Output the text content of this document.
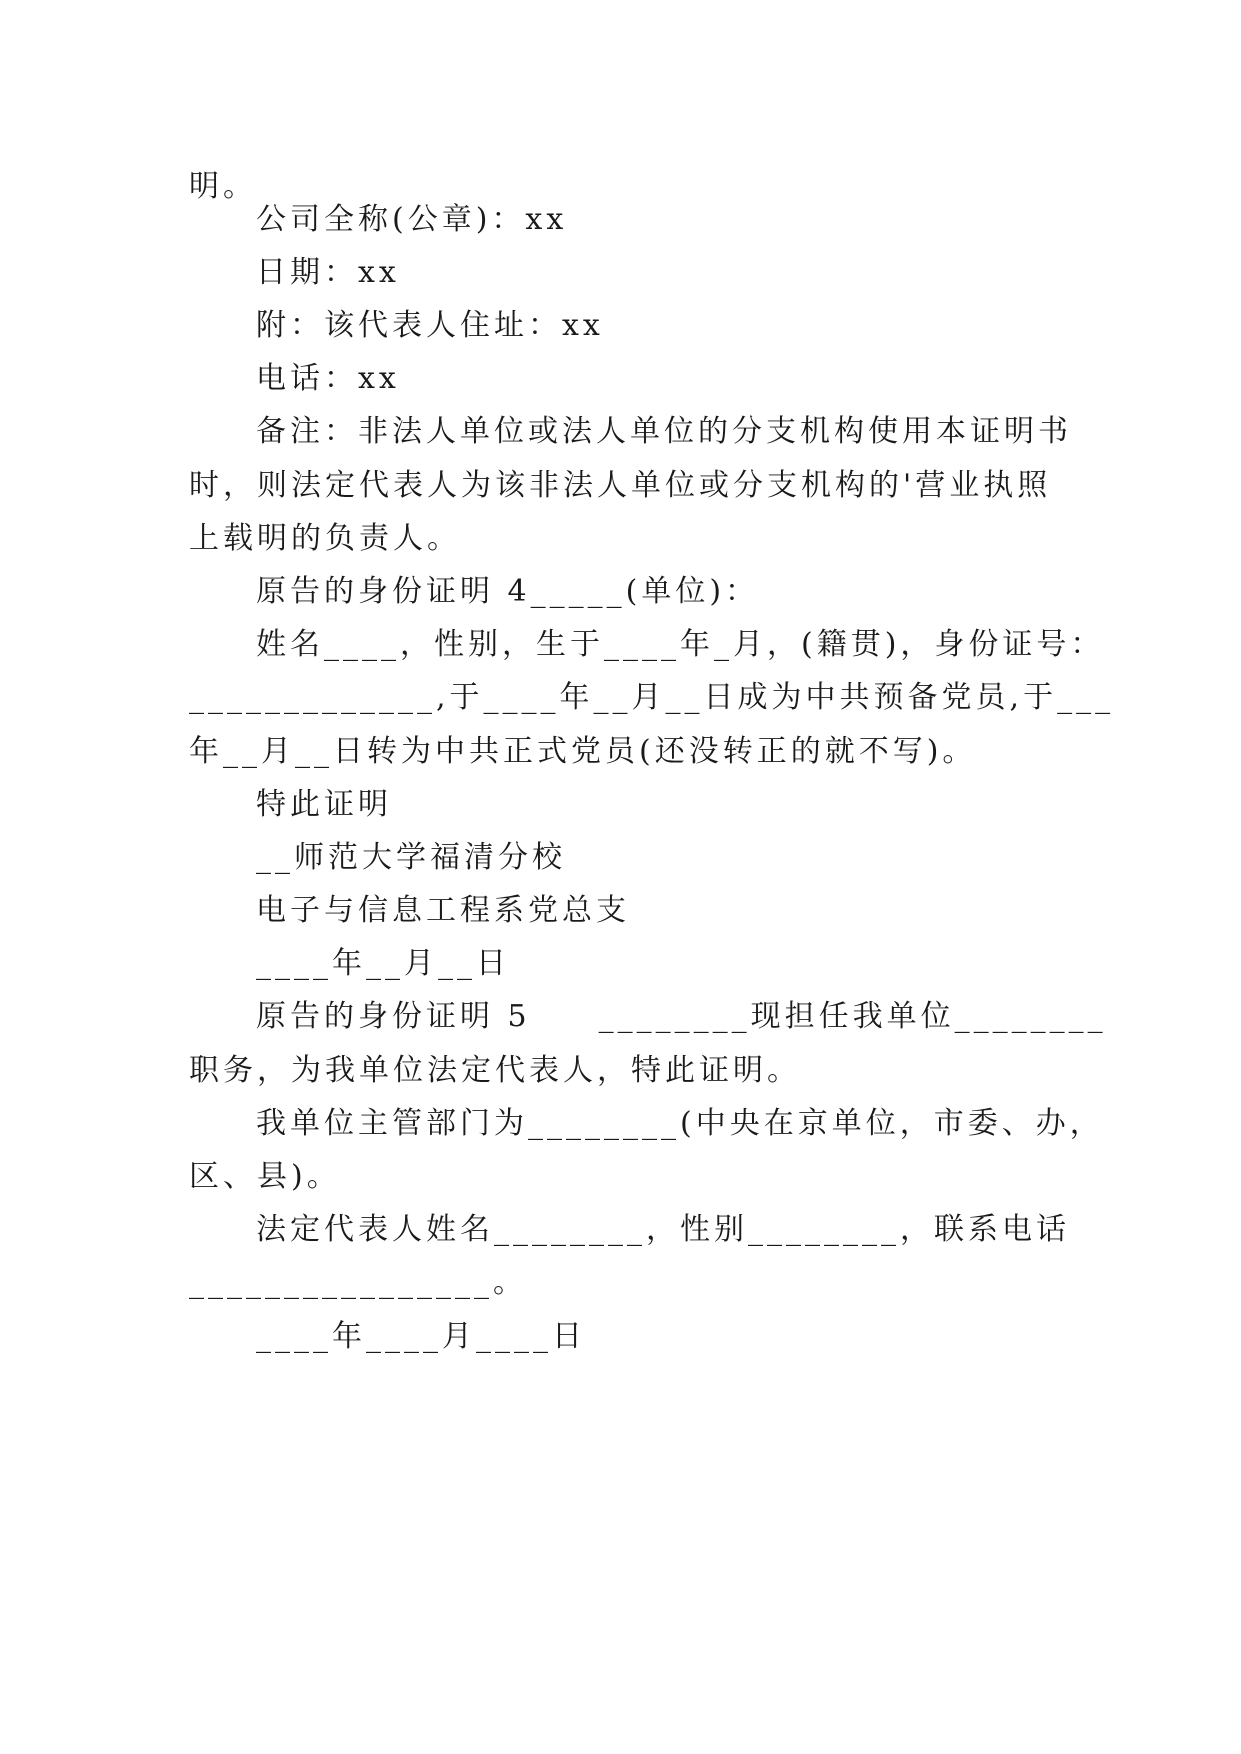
明。
公司全称(公章)：xx
日期：xx
附：该代表人住址：xx
电话：xx
备注：非法人单位或法人单位的分支机构使用本证明书
时，则法定代表人为该非法人单位或分支机构的'营业执照
上载明的负责人。
原告的身份证明 4_____(单位)：
姓名____，性别，生于____年_月，(籍贯)，身份证号：
_____________,于____年__月__日成为中共预备党员,于___
年__月__日转为中共正式党员(还没转正的就不写)。
特此证明
__师范大学福清分校
电子与信息工程系党总支
____年__月__日
原告的身份证明 5　　________现担任我单位________
职务，为我单位法定代表人，特此证明。
我单位主管部门为________(中央在京单位，市委、办，
区、县)。
法定代表人姓名________，性别________，联系电话
________________。
____年____月____日
